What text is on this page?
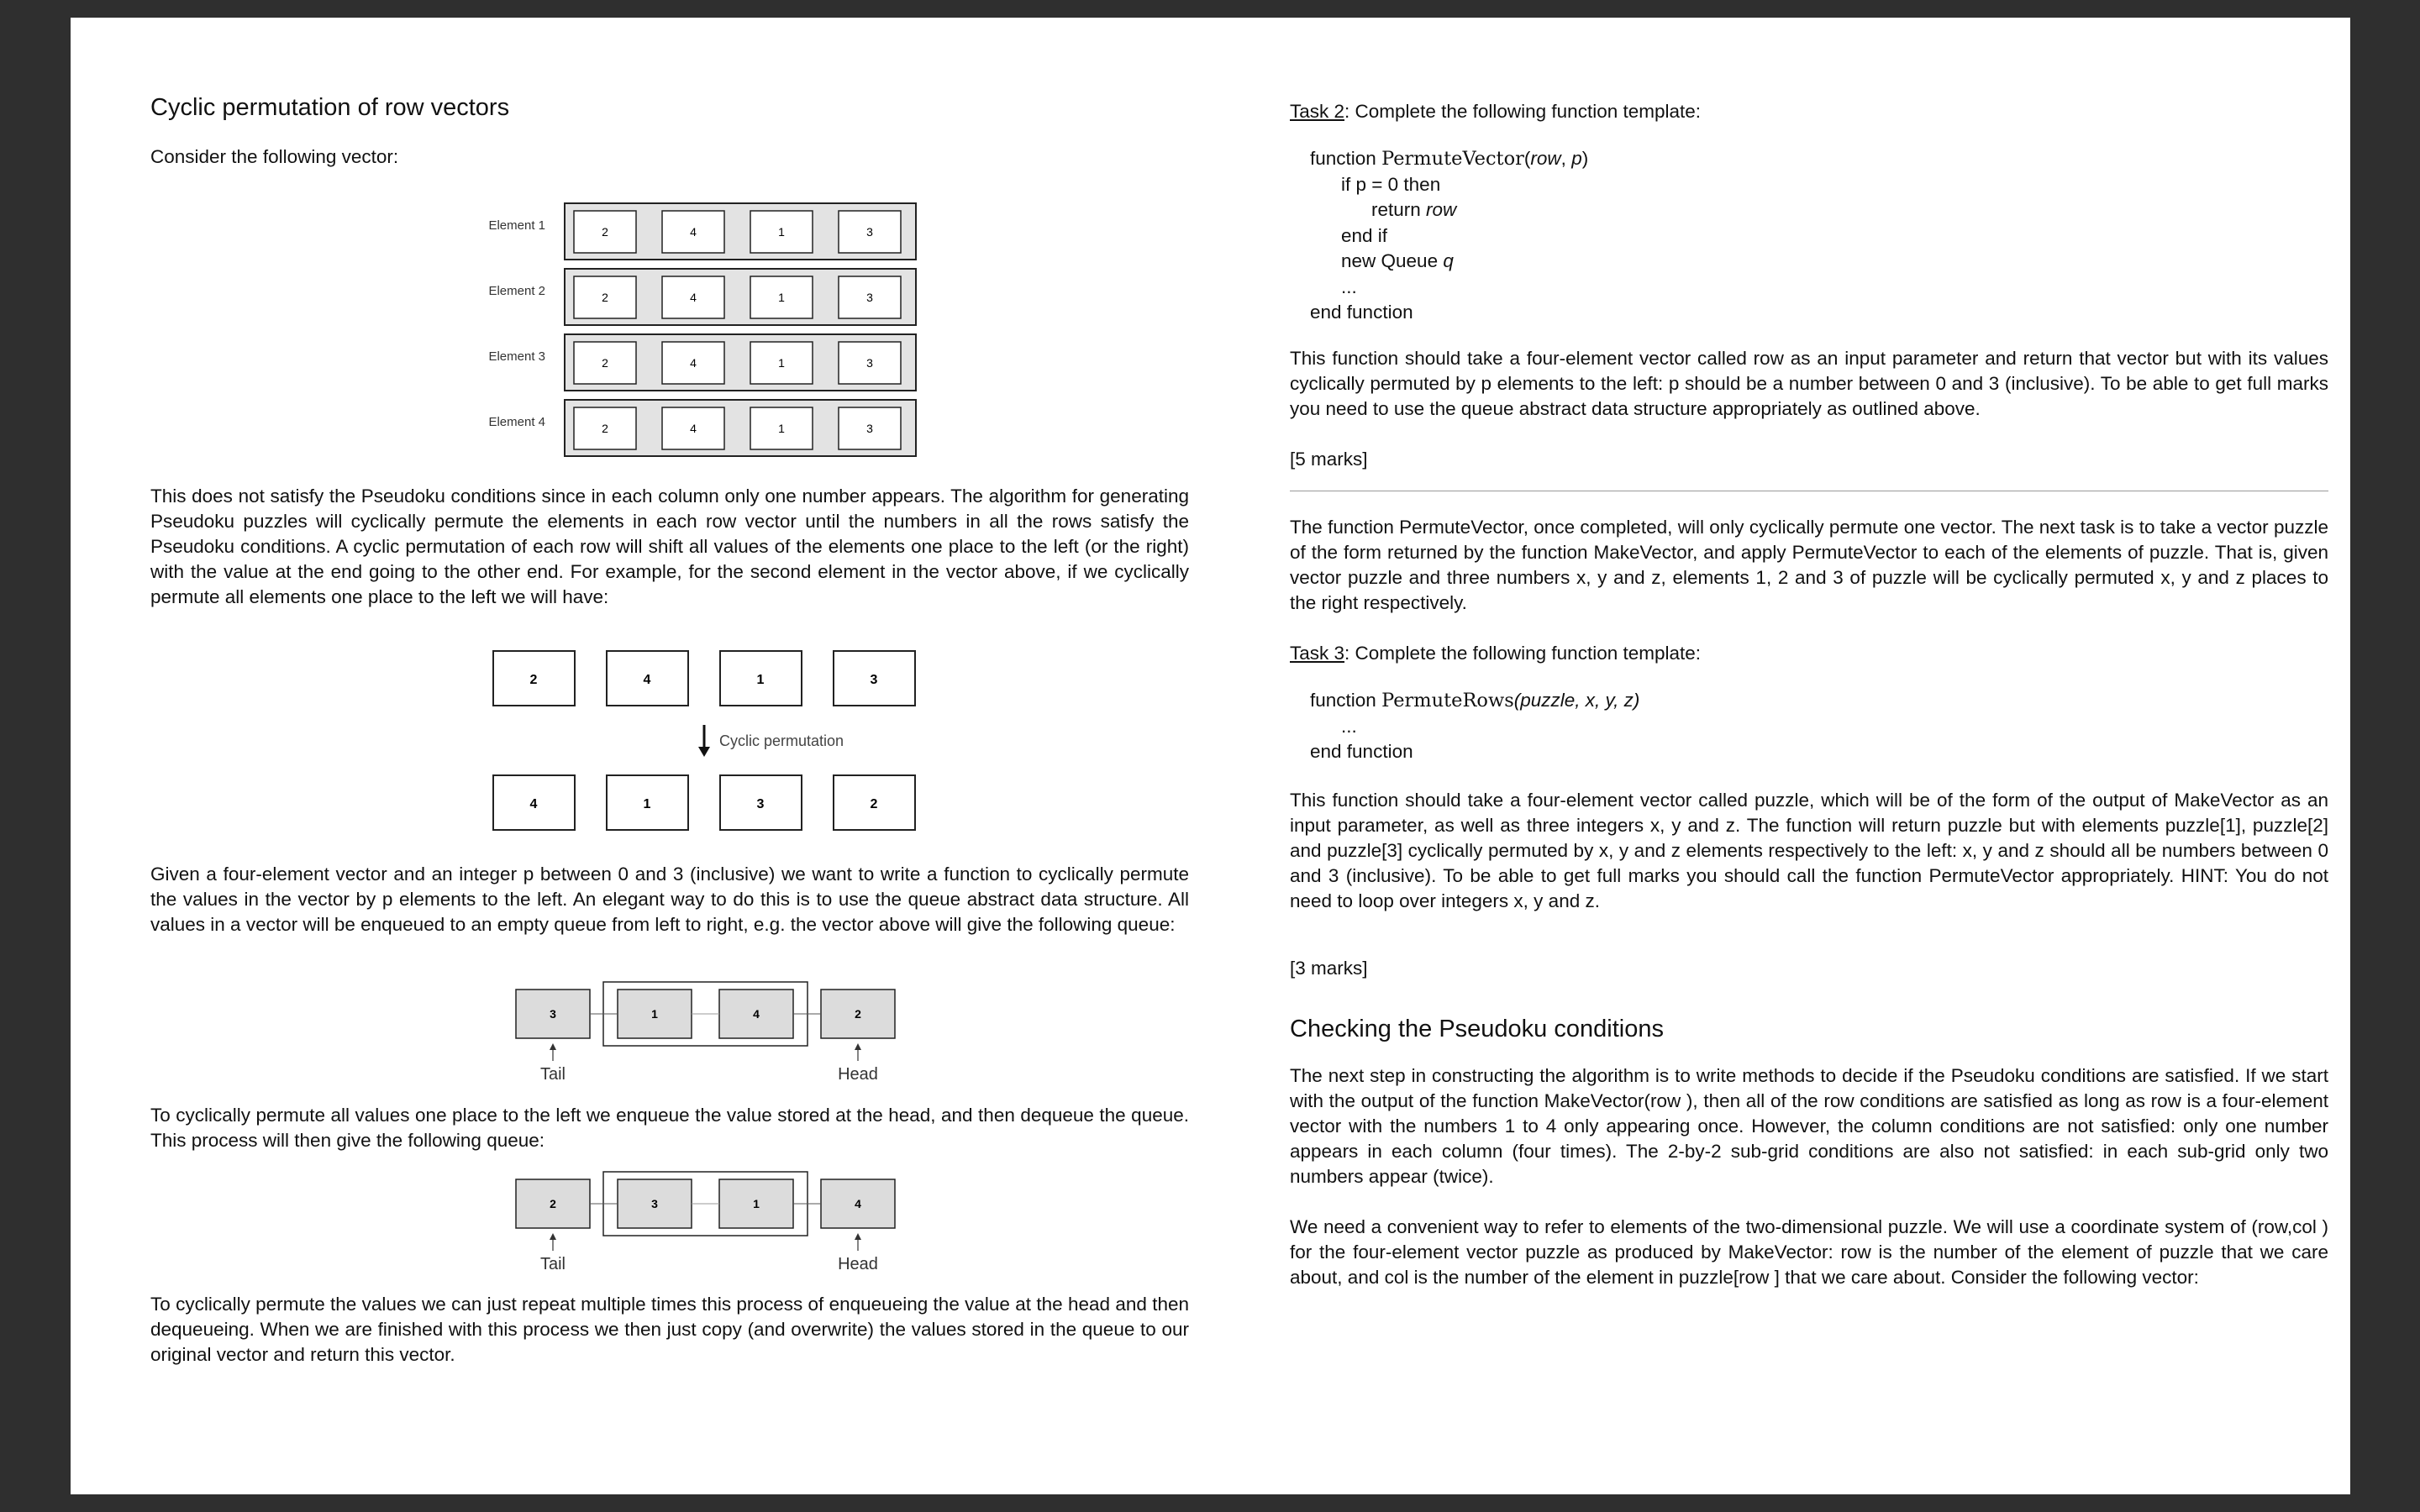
Cyclic permutation of row vectors
Consider the following vector:
Element 1	2	4	1	3
Element 2	2	4	1	3
Element 3	2	4	1	3
Element 4	2	4	1	3

This does not satisfy the Pseudoku conditions since in each column only one number appears. The algorithm for generating Pseudoku puzzles will cyclically permute the elements in each row vector until the numbers in all the rows satisfy the Pseudoku conditions. A cyclic permutation of each row will shift all values of the elements one place to the left (or the right) with the value at the end going to the other end. For example, for the second element in the vector above, if we cyclically permute all elements one place to the left we will have:

2	4	1	3
Cyclic permutation
4	1	3	2

Given a four-element vector and an integer p between 0 and 3 (inclusive) we want to write a function to cyclically permute the values in the vector by p elements to the left. An elegant way to do this is to use the queue abstract data structure. All values in a vector will be enqueued to an empty queue from left to right, e.g. the vector above will give the following queue:

3	1	4	2
Tail	Head

To cyclically permute all values one place to the left we enqueue the value stored at the head, and then dequeue the queue. This process will then give the following queue:

2	3	1	4
Tail	Head

To cyclically permute the values we can just repeat multiple times this process of enqueueing the value at the head and then dequeueing. When we are finished with this process we then just copy (and overwrite) the values stored in the queue to our original vector and return this vector.

Task 2: Complete the following function template:
function PermuteVector(row, p)
if p = 0 then
return row
end if
new Queue q
...
end function

This function should take a four-element vector called row as an input parameter and return that vector but with its values cyclically permuted by p elements to the left: p should be a number between 0 and 3 (inclusive). To be able to get full marks you need to use the queue abstract data structure appropriately as outlined above.

[5 marks]

The function PermuteVector, once completed, will only cyclically permute one vector. The next task is to take a vector puzzle of the form returned by the function MakeVector, and apply PermuteVector to each of the elements of puzzle. That is, given vector puzzle and three numbers x, y and z, elements 1, 2 and 3 of puzzle will be cyclically permuted x, y and z places to the right respectively.

Task 3: Complete the following function template:
function PermuteRows(puzzle, x, y, z)
...
end function

This function should take a four-element vector called puzzle, which will be of the form of the output of MakeVector as an input parameter, as well as three integers x, y and z. The function will return puzzle but with elements puzzle[1], puzzle[2] and puzzle[3] cyclically permuted by x, y and z elements respectively to the left: x, y and z should all be numbers between 0 and 3 (inclusive). To be able to get full marks you should call the function PermuteVector appropriately. HINT: You do not need to loop over integers x, y and z.

[3 marks]
Checking the Pseudoku conditions

The next step in constructing the algorithm is to write methods to decide if the Pseudoku conditions are satisfied. If we start with the output of the function MakeVector(row ), then all of the row conditions are satisfied as long as row is a four-element vector with the numbers 1 to 4 only appearing once. However, the column conditions are not satisfied: only one number appears in each column (four times). The 2-by-2 sub-grid conditions are also not satisfied: in each sub-grid only two numbers appear (twice).

We need a convenient way to refer to elements of the two-dimensional puzzle. We will use a coordinate system of (row,col ) for the four-element vector puzzle as produced by MakeVector: row is the number of the element of puzzle that we care about, and col is the number of the element in puzzle[row ] that we care about. Consider the following vector:
